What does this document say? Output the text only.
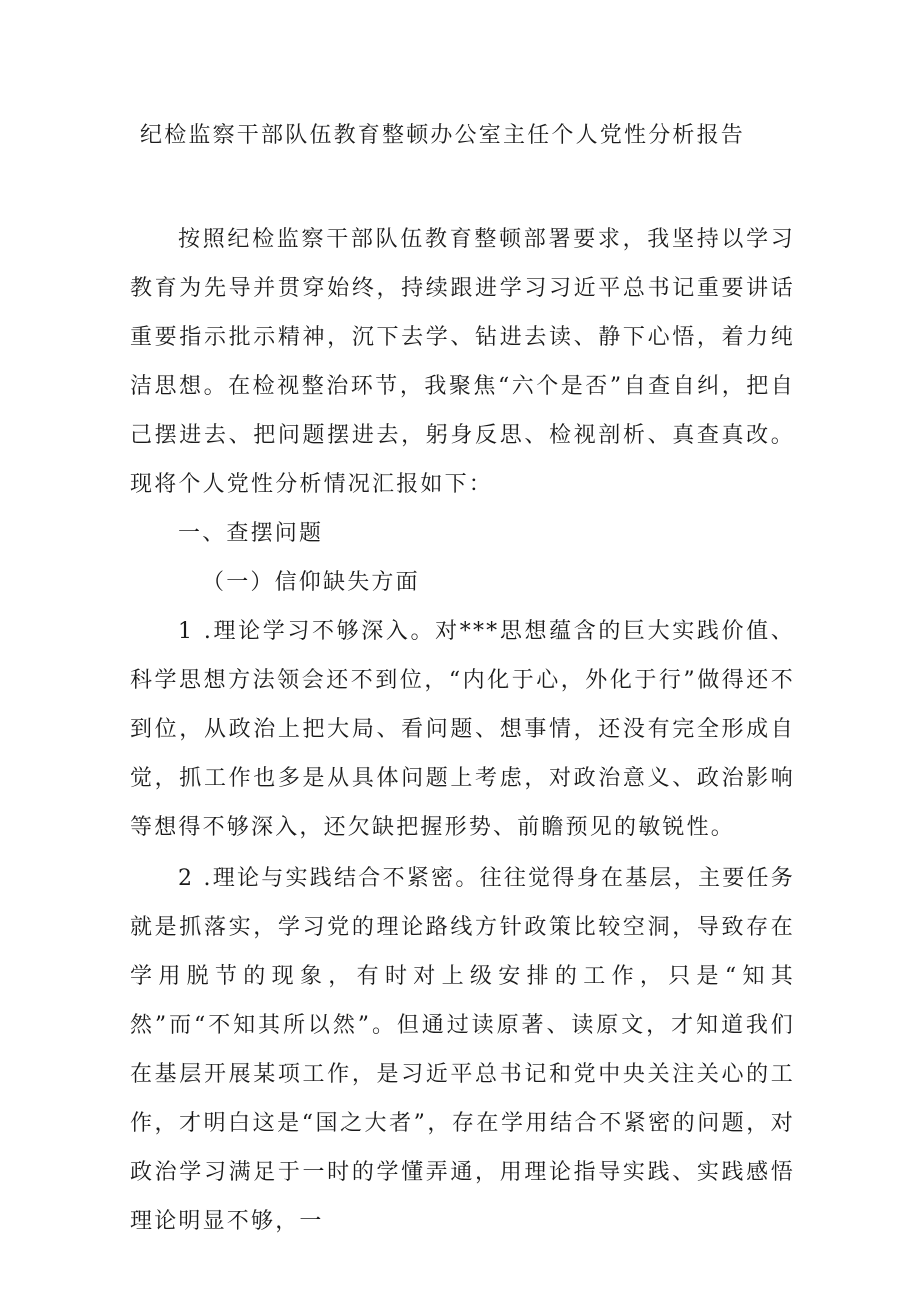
纪检监察干部队伍教育整顿办公室主任个人党性分析报告

按照纪检监察干部队伍教育整顿部署要求，我坚持以学习教育为先导并贯穿始终，持续跟进学习习近平总书记重要讲话重要指示批示精神，沉下去学、钻进去读、静下心悟，着力纯洁思想。在检视整治环节，我聚焦“六个是否”自查自纠，把自己摆进去、把问题摆进去，躬身反思、检视剖析、真查真改。现将个人党性分析情况汇报如下：

一、查摆问题

（一）信仰缺失方面

1 .理论学习不够深入。对***思想蕴含的巨大实践价值、科学思想方法领会还不到位，“内化于心，外化于行”做得还不到位，从政治上把大局、看问题、想事情，还没有完全形成自觉，抓工作也多是从具体问题上考虑，对政治意义、政治影响等想得不够深入，还欠缺把握形势、前瞻预见的敏锐性。

2 .理论与实践结合不紧密。往往觉得身在基层，主要任务就是抓落实，学习党的理论路线方针政策比较空洞，导致存在学用脱节的现象，有时对上级安排的工作，只是“知其然”而“不知其所以然”。但通过读原著、读原文，才知道我们在基层开展某项工作，是习近平总书记和党中央关注关心的工作，才明白这是“国之大者”，存在学用结合不紧密的问题，对政治学习满足于一时的学懂弄通，用理论指导实践、实践感悟理论明显不够，一
